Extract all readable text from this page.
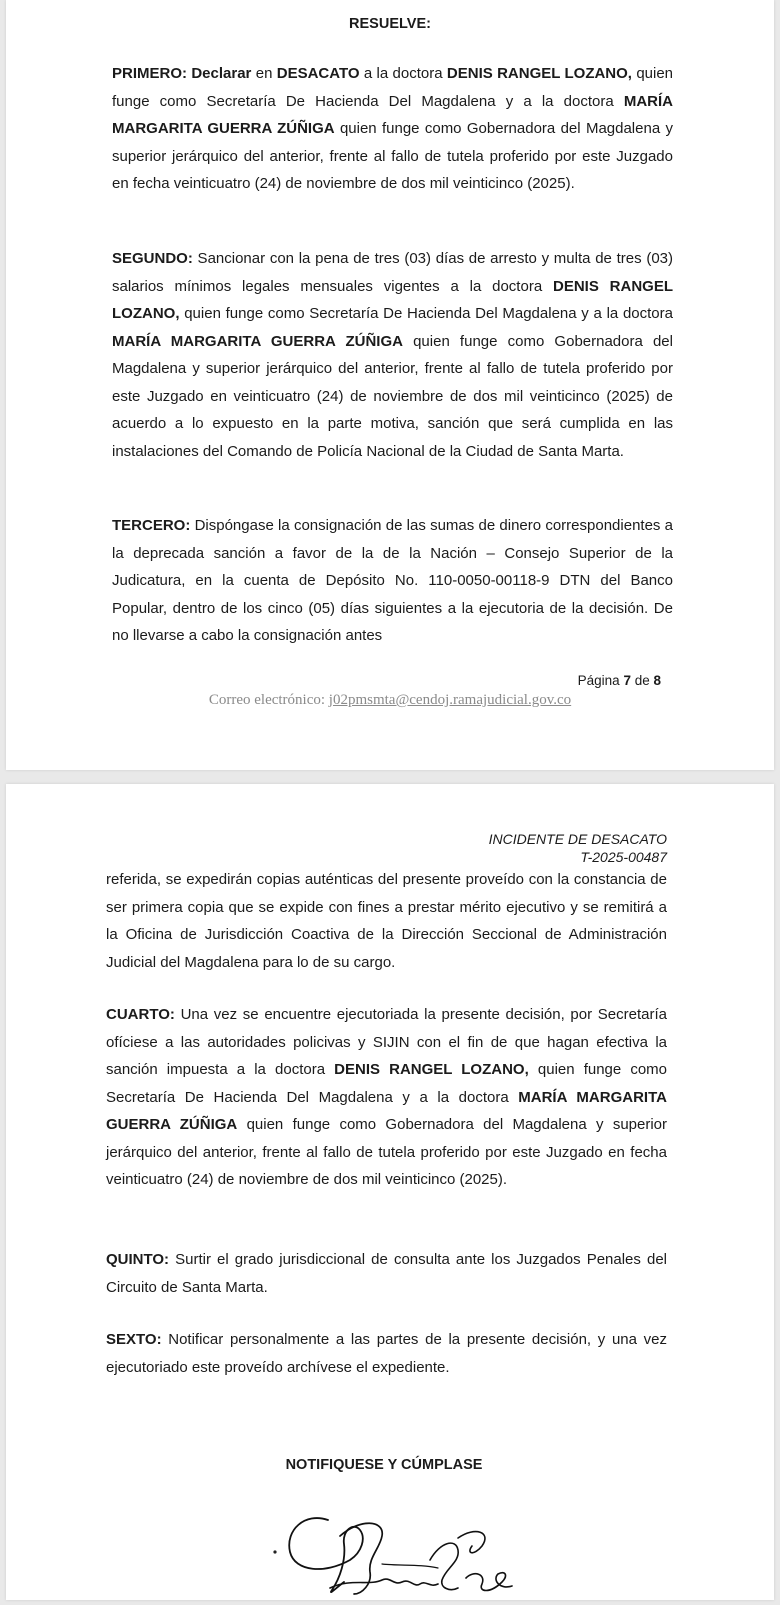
RESUELVE:

PRIMERO: Declarar en DESACATO a la doctora DENIS RANGEL LOZANO, quien funge como Secretaría De Hacienda Del Magdalena y a la doctora MARÍA MARGARITA GUERRA ZÚÑIGA quien funge como Gobernadora del Magdalena y superior jerárquico del anterior, frente al fallo de tutela proferido por este Juzgado en fecha veinticuatro (24) de noviembre de dos mil veinticinco (2025).

SEGUNDO: Sancionar con la pena de tres (03) días de arresto y multa de tres (03) salarios mínimos legales mensuales vigentes a la doctora DENIS RANGEL LOZANO, quien funge como Secretaría De Hacienda Del Magdalena y a la doctora MARÍA MARGARITA GUERRA ZÚÑIGA quien funge como Gobernadora del Magdalena y superior jerárquico del anterior, frente al fallo de tutela proferido por este Juzgado en veinticuatro (24) de noviembre de dos mil veinticinco (2025) de acuerdo a lo expuesto en la parte motiva, sanción que será cumplida en las instalaciones del Comando de Policía Nacional de la Ciudad de Santa Marta.

TERCERO: Dispóngase la consignación de las sumas de dinero correspondientes a la deprecada sanción a favor de la de la Nación – Consejo Superior de la Judicatura, en la cuenta de Depósito No. 110-0050-00118-9 DTN del Banco Popular, dentro de los cinco (05) días siguientes a la ejecutoria de la decisión. De no llevarse a cabo la consignación antes

Página 7 de 8
Correo electrónico: j02pmsmta@cendoj.ramajudicial.gov.co
INCIDENTE DE DESACATO
T-2025-00487

referida, se expedirán copias auténticas del presente proveído con la constancia de ser primera copia que se expide con fines a prestar mérito ejecutivo y se remitirá a la Oficina de Jurisdicción Coactiva de la Dirección Seccional de Administración Judicial del Magdalena para lo de su cargo.

CUARTO: Una vez se encuentre ejecutoriada la presente decisión, por Secretaría ofíciese a las autoridades policivas y SIJIN con el fin de que hagan efectiva la sanción impuesta a la doctora DENIS RANGEL LOZANO, quien funge como Secretaría De Hacienda Del Magdalena y a la doctora MARÍA MARGARITA GUERRA ZÚÑIGA quien funge como Gobernadora del Magdalena y superior jerárquico del anterior, frente al fallo de tutela proferido por este Juzgado en fecha veinticuatro (24) de noviembre de dos mil veinticinco (2025).

QUINTO: Surtir el grado jurisdiccional de consulta ante los Juzgados Penales del Circuito de Santa Marta.

SEXTO: Notificar personalmente a las partes de la presente decisión, y una vez ejecutoriado este proveído archívese el expediente.

NOTIFIQUESE Y CÚMPLASE
